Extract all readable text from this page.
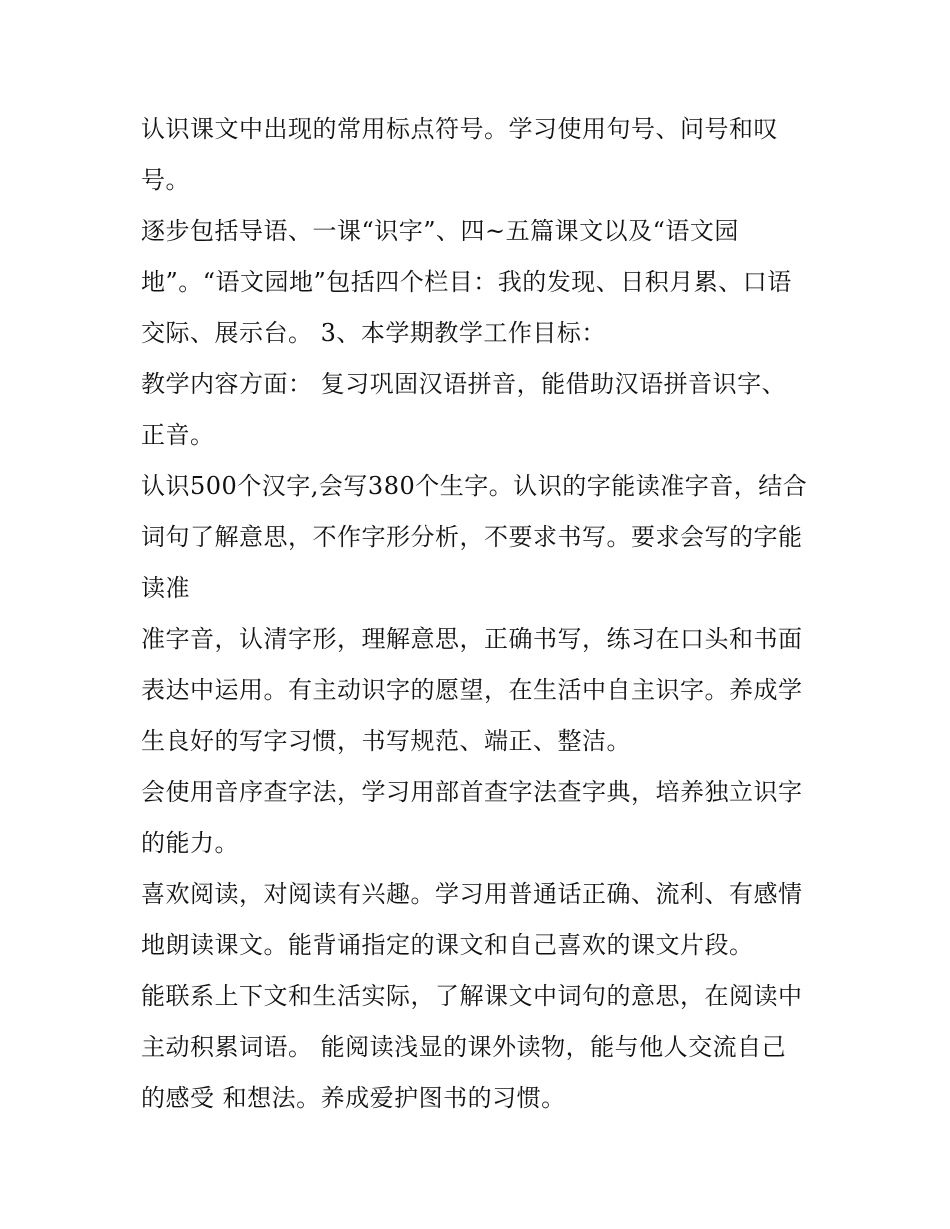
认识课文中出现的常用标点符号。学习使用句号、问号和叹
号。
逐步包括导语、一课“识字”、四~五篇课文以及“语文园
地”。“语文园地”包括四个栏目：我的发现、日积月累、口语
交际、展示台。 3、本学期教学工作目标：
教学内容方面： 复习巩固汉语拼音，能借助汉语拼音识字、
正音。
认识500个汉字,会写380个生字。认识的字能读准字音，结合
词句了解意思，不作字形分析，不要求书写。要求会写的字能
读准
准字音，认清字形，理解意思，正确书写，练习在口头和书面
表达中运用。有主动识字的愿望，在生活中自主识字。养成学
生良好的写字习惯，书写规范、端正、整洁。
会使用音序查字法，学习用部首查字法查字典，培养独立识字
的能力。
喜欢阅读，对阅读有兴趣。学习用普通话正确、流利、有感情
地朗读课文。能背诵指定的课文和自己喜欢的课文片段。
能联系上下文和生活实际，了解课文中词句的意思，在阅读中
主动积累词语。 能阅读浅显的课外读物，能与他人交流自己
的感受 和想法。养成爱护图书的习惯。
